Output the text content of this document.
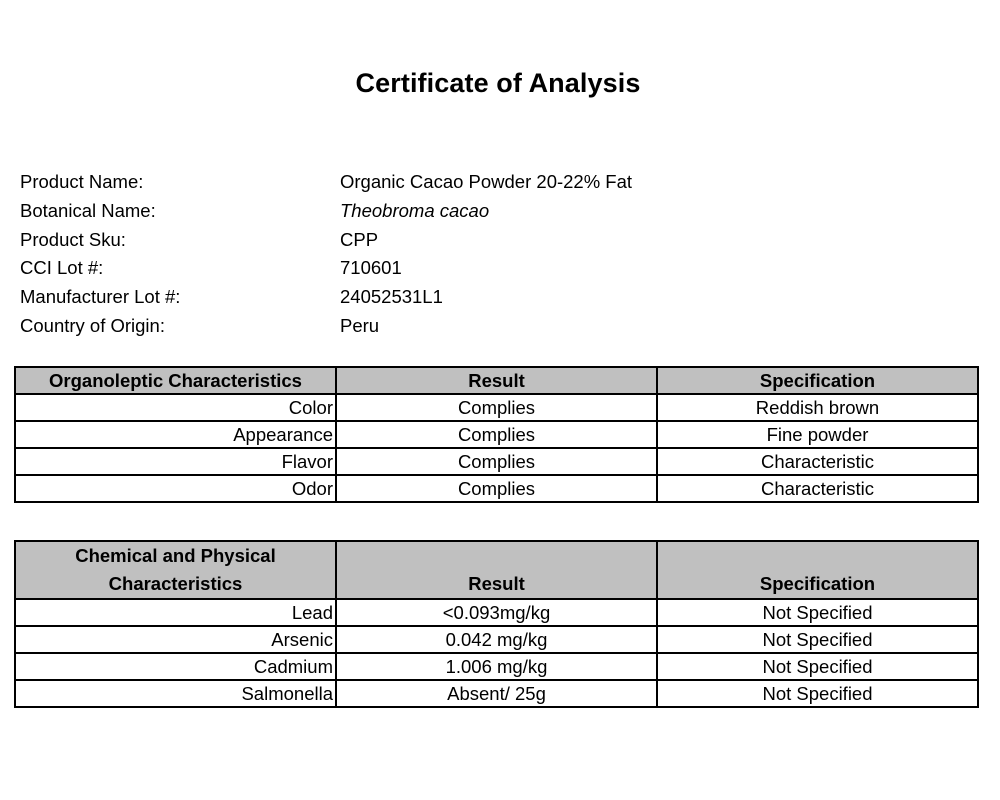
Certificate of Analysis
Product Name:	Organic Cacao Powder 20-22% Fat
Botanical Name:	Theobroma cacao
Product Sku:	CPP
CCI Lot #:	710601
Manufacturer Lot #:	24052531L1
Country of Origin:	Peru
Organoleptic Characteristics	Result	Specification
Color	Complies	Reddish brown
Appearance	Complies	Fine powder
Flavor	Complies	Characteristic
Odor	Complies	Characteristic
Chemical and Physical
Characteristics	Result	Specification
Lead	<0.093mg/kg	Not Specified
Arsenic	0.042 mg/kg	Not Specified
Cadmium	1.006 mg/kg	Not Specified
Salmonella	Absent/ 25g	Not Specified
